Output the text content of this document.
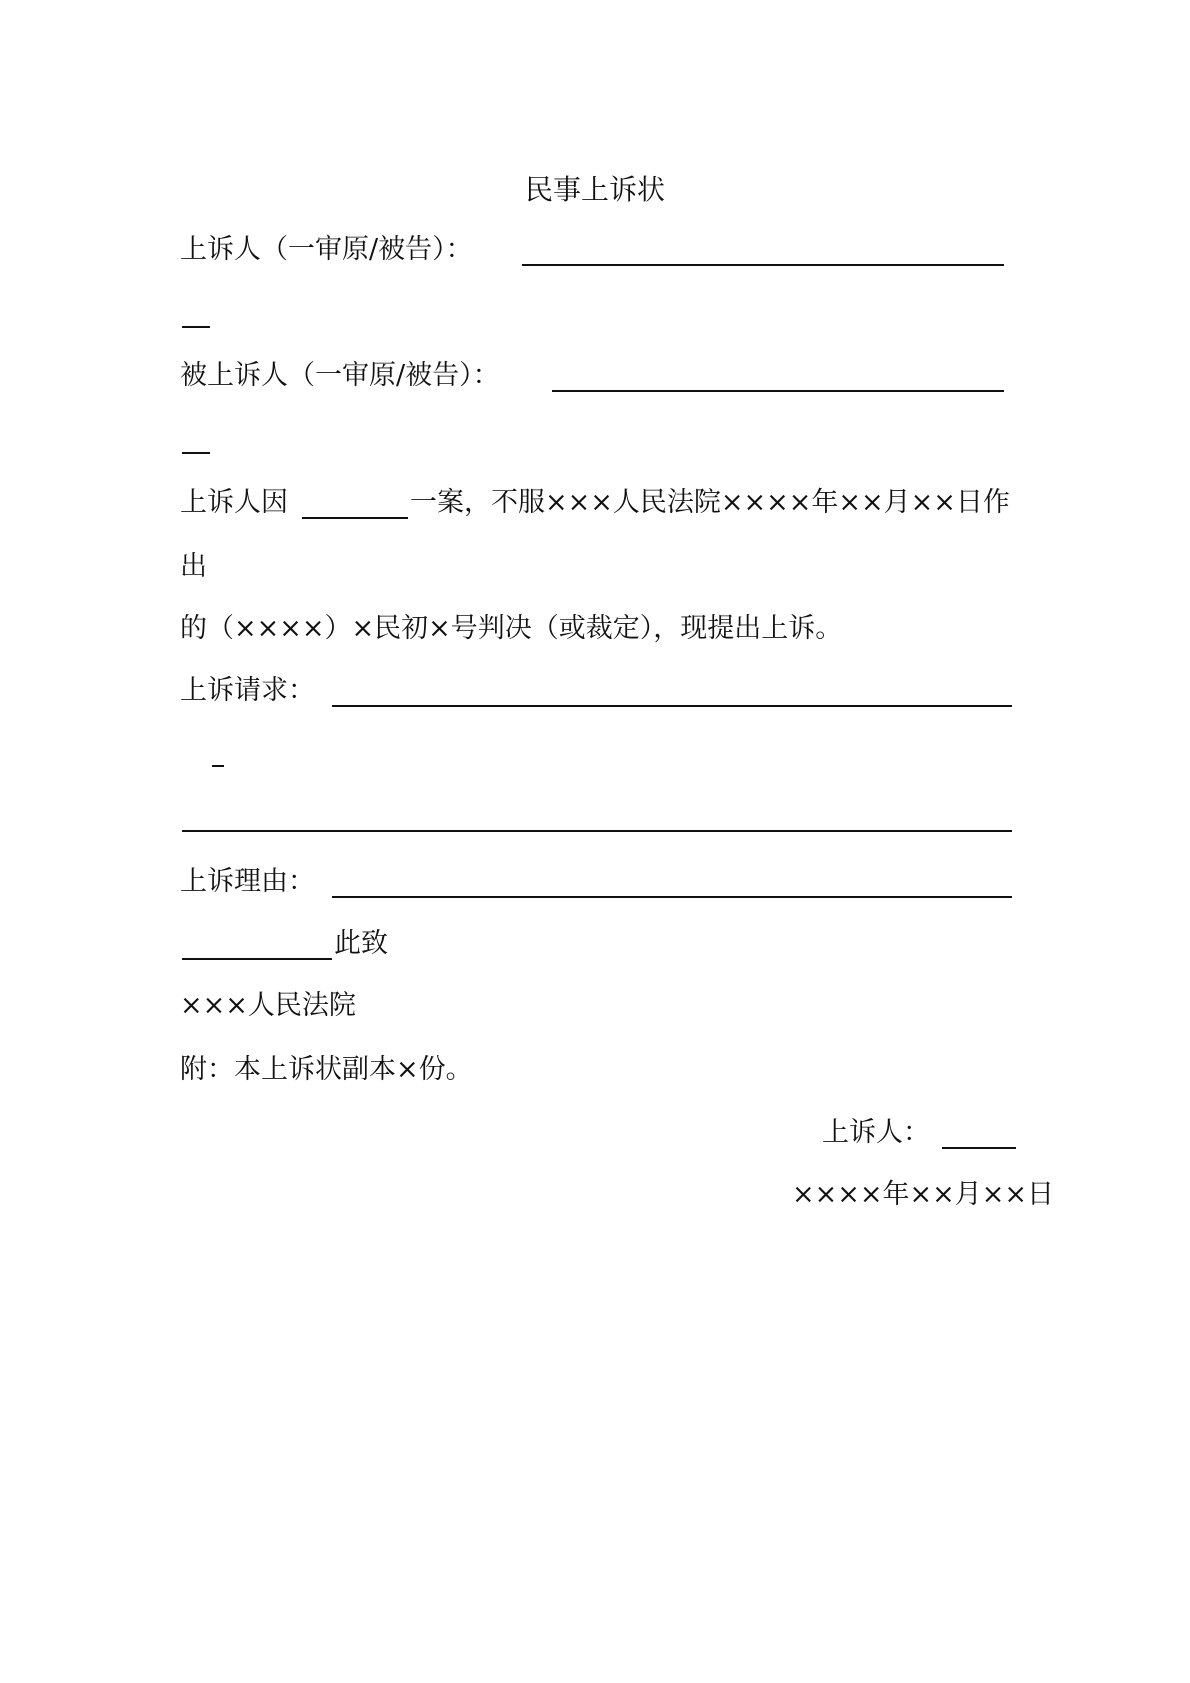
民事上诉状
上诉人（一审原/被告）：
被上诉人（一审原/被告）：
上诉人因	一案，不服×××人民法院××××年××月××日作
出
的（××××）×民初×号判决（或裁定），现提出上诉。
上诉请求：
上诉理由：
此致
×××人民法院
附：本上诉状副本×份。
上诉人：
××××年××月××日
